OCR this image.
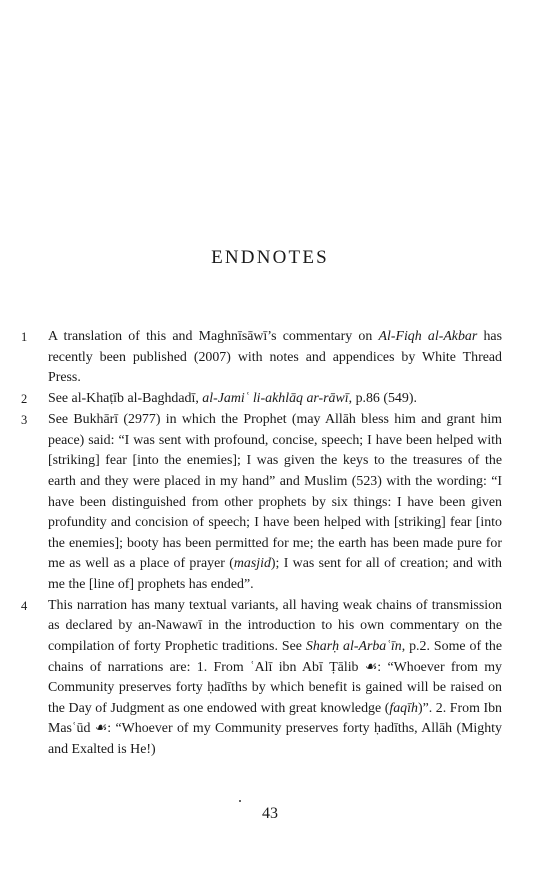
ENDNOTES
1 A translation of this and Maghnīsāwī’s commentary on Al-Fiqh al-Akbar has recently been published (2007) with notes and appendices by White Thread Press.
2 See al-Khaṭīb al-Baghdadī, al-Jamiʿ li-akhlāq ar-rāwī, p.86 (549).
3 See Bukhārī (2977) in which the Prophet (may Allāh bless him and grant him peace) said: “I was sent with profound, concise, speech; I have been helped with [striking] fear [into the enemies]; I was given the keys to the treasures of the earth and they were placed in my hand” and Muslim (523) with the wording: “I have been distinguished from other prophets by six things: I have been given profundity and concision of speech; I have been helped with [striking] fear [into the enemies]; booty has been permitted for me; the earth has been made pure for me as well as a place of prayer (masjid); I was sent for all of creation; and with me the [line of] prophets has ended”.
4 This narration has many textual variants, all having weak chains of transmission as declared by an-Nawawī in the introduction to his own commentary on the compilation of forty Prophetic traditions. See Sharḥ al-Arbaʿīn, p.2. Some of the chains of narrations are: 1. From ʿAlī ibn Abī Ṭālib ☙: “Whoever from my Community preserves forty ḥadīths by which benefit is gained will be raised on the Day of Judgment as one endowed with great knowledge (faqīh)”. 2. From Ibn Masʿūd ☙: “Whoever of my Community preserves forty ḥadīths, Allāh (Mighty and Exalted is He!)
43
